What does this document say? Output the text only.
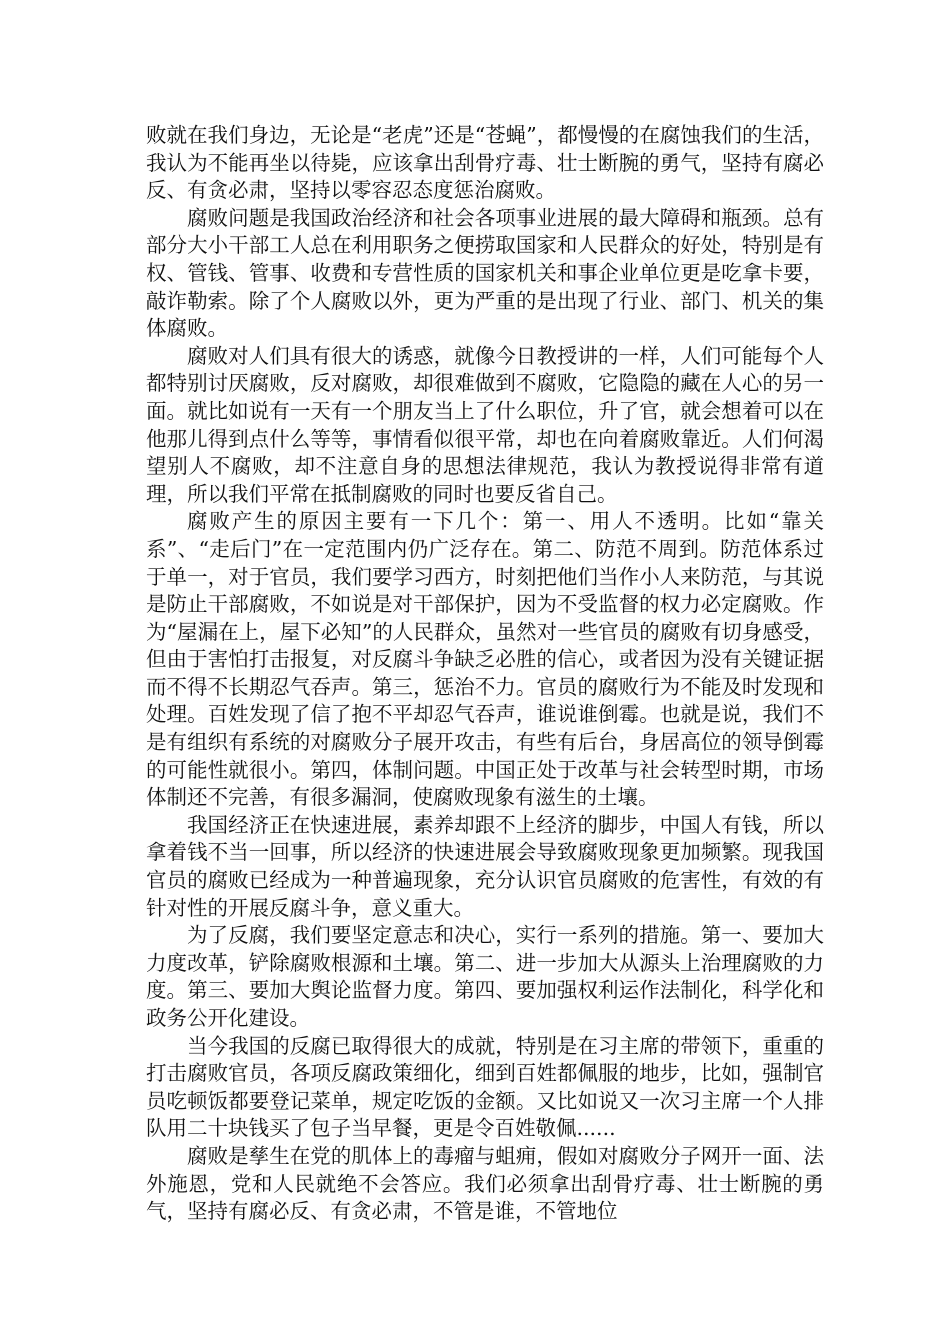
败就在我们身边，无论是“老虎”还是“苍蝇”，都慢慢的在腐蚀我们的生活，我认为不能再坐以待毙，应该拿出刮骨疗毒、壮士断腕的勇气，坚持有腐必反、有贪必肃，坚持以零容忍态度惩治腐败。

腐败问题是我国政治经济和社会各项事业进展的最大障碍和瓶颈。总有部分大小干部工人总在利用职务之便捞取国家和人民群众的好处，特别是有权、管钱、管事、收费和专营性质的国家机关和事企业单位更是吃拿卡要，敲诈勒索。除了个人腐败以外，更为严重的是出现了行业、部门、机关的集体腐败。

腐败对人们具有很大的诱惑，就像今日教授讲的一样，人们可能每个人都特别讨厌腐败，反对腐败，却很难做到不腐败，它隐隐的藏在人心的另一面。就比如说有一天有一个朋友当上了什么职位，升了官，就会想着可以在他那儿得到点什么等等，事情看似很平常，却也在向着腐败靠近。人们何渴望别人不腐败，却不注意自身的思想法律规范，我认为教授说得非常有道理，所以我们平常在抵制腐败的同时也要反省自己。

腐败产生的原因主要有一下几个：第一、用人不透明。比如“靠关系”、“走后门”在一定范围内仍广泛存在。第二、防范不周到。防范体系过于单一，对于官员，我们要学习西方，时刻把他们当作小人来防范，与其说是防止干部腐败，不如说是对干部保护，因为不受监督的权力必定腐败。作为“屋漏在上，屋下必知”的人民群众，虽然对一些官员的腐败有切身感受，但由于害怕打击报复，对反腐斗争缺乏必胜的信心，或者因为没有关键证据而不得不长期忍气吞声。第三，惩治不力。官员的腐败行为不能及时发现和处理。百姓发现了信了抱不平却忍气吞声，谁说谁倒霉。也就是说，我们不是有组织有系统的对腐败分子展开攻击，有些有后台，身居高位的领导倒霉的可能性就很小。第四，体制问题。中国正处于改革与社会转型时期，市场体制还不完善，有很多漏洞，使腐败现象有滋生的土壤。

我国经济正在快速进展，素养却跟不上经济的脚步，中国人有钱，所以拿着钱不当一回事，所以经济的快速进展会导致腐败现象更加频繁。现我国官员的腐败已经成为一种普遍现象，充分认识官员腐败的危害性，有效的有针对性的开展反腐斗争，意义重大。

为了反腐，我们要坚定意志和决心，实行一系列的措施。第一、要加大力度改革，铲除腐败根源和土壤。第二、进一步加大从源头上治理腐败的力度。第三、要加大舆论监督力度。第四、要加强权利运作法制化，科学化和政务公开化建设。

当今我国的反腐已取得很大的成就，特别是在习主席的带领下，重重的打击腐败官员，各项反腐政策细化，细到百姓都佩服的地步，比如，强制官员吃顿饭都要登记菜单，规定吃饭的金额。又比如说又一次习主席一个人排队用二十块钱买了包子当早餐，更是令百姓敬佩......

腐败是孳生在党的肌体上的毒瘤与蛆痈，假如对腐败分子网开一面、法外施恩，党和人民就绝不会答应。我们必须拿出刮骨疗毒、壮士断腕的勇气，坚持有腐必反、有贪必肃，不管是谁，不管地位
